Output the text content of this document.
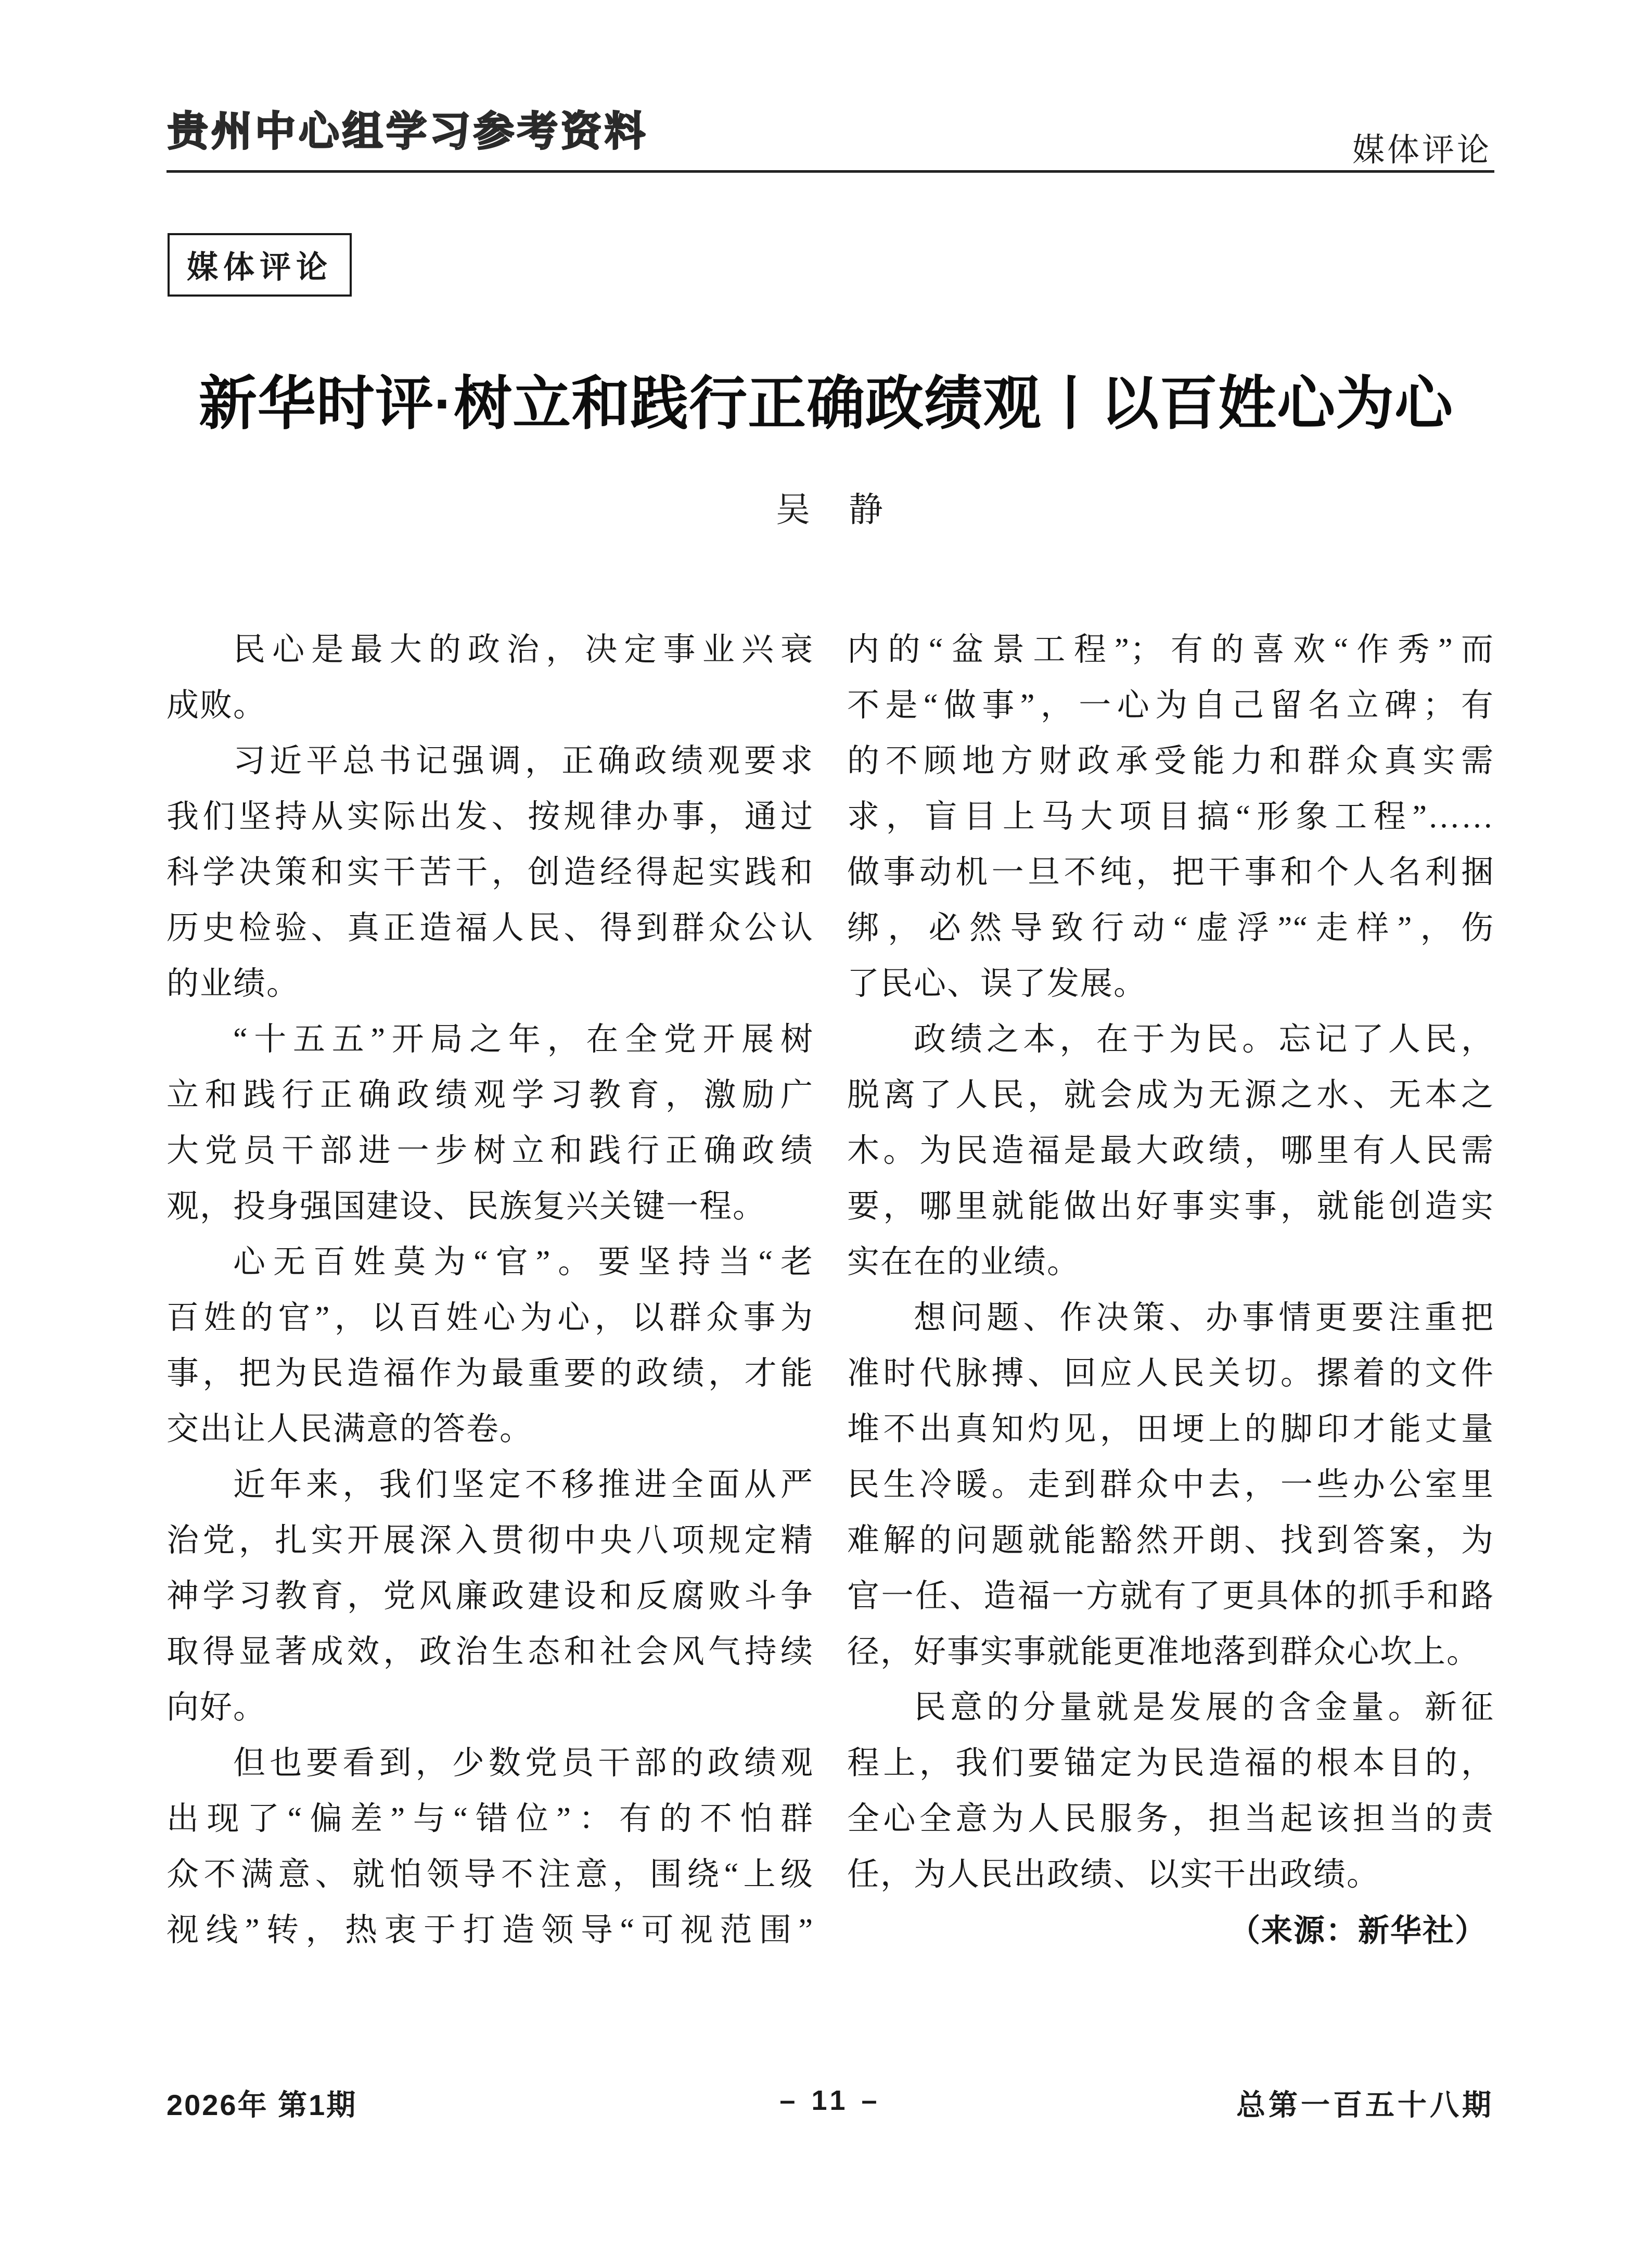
贵州中心组学习参考资料	媒体评论
媒体评论
新华时评·树立和践行正确政绩观丨以百姓心为心
吴　静
民心是最大的政治，决定事业兴衰
成败。
习近平总书记强调，正确政绩观要求
我们坚持从实际出发、按规律办事，通过
科学决策和实干苦干，创造经得起实践和
历史检验、真正造福人民、得到群众公认
的业绩。
“十五五”开局之年，在全党开展树
立和践行正确政绩观学习教育，激励广
大党员干部进一步树立和践行正确政绩
观，投身强国建设、民族复兴关键一程。
心无百姓莫为“官”。要坚持当“老
百姓的官”，以百姓心为心，以群众事为
事，把为民造福作为最重要的政绩，才能
交出让人民满意的答卷。
近年来，我们坚定不移推进全面从严
治党，扎实开展深入贯彻中央八项规定精
神学习教育，党风廉政建设和反腐败斗争
取得显著成效，政治生态和社会风气持续
向好。
但也要看到，少数党员干部的政绩观
出现了“偏差”与“错位”：有的不怕群
众不满意、就怕领导不注意，围绕“上级
视线”转，热衷于打造领导“可视范围”
内的“盆景工程”；有的喜欢“作秀”而
不是“做事”，一心为自己留名立碑；有
的不顾地方财政承受能力和群众真实需
求，盲目上马大项目搞“形象工程”……
做事动机一旦不纯，把干事和个人名利捆
绑，必然导致行动“虚浮”“走样”，伤
了民心、误了发展。
政绩之本，在于为民。忘记了人民，
脱离了人民，就会成为无源之水、无本之
木。为民造福是最大政绩，哪里有人民需
要，哪里就能做出好事实事，就能创造实
实在在的业绩。
想问题、作决策、办事情更要注重把
准时代脉搏、回应人民关切。摞着的文件
堆不出真知灼见，田埂上的脚印才能丈量
民生冷暖。走到群众中去，一些办公室里
难解的问题就能豁然开朗、找到答案，为
官一任、造福一方就有了更具体的抓手和路
径，好事实事就能更准地落到群众心坎上。
民意的分量就是发展的含金量。新征
程上，我们要锚定为民造福的根本目的，
全心全意为人民服务，担当起该担当的责
任，为人民出政绩、以实干出政绩。
（来源：新华社）
2026年 第1期	– 11 –	总第一百五十八期
